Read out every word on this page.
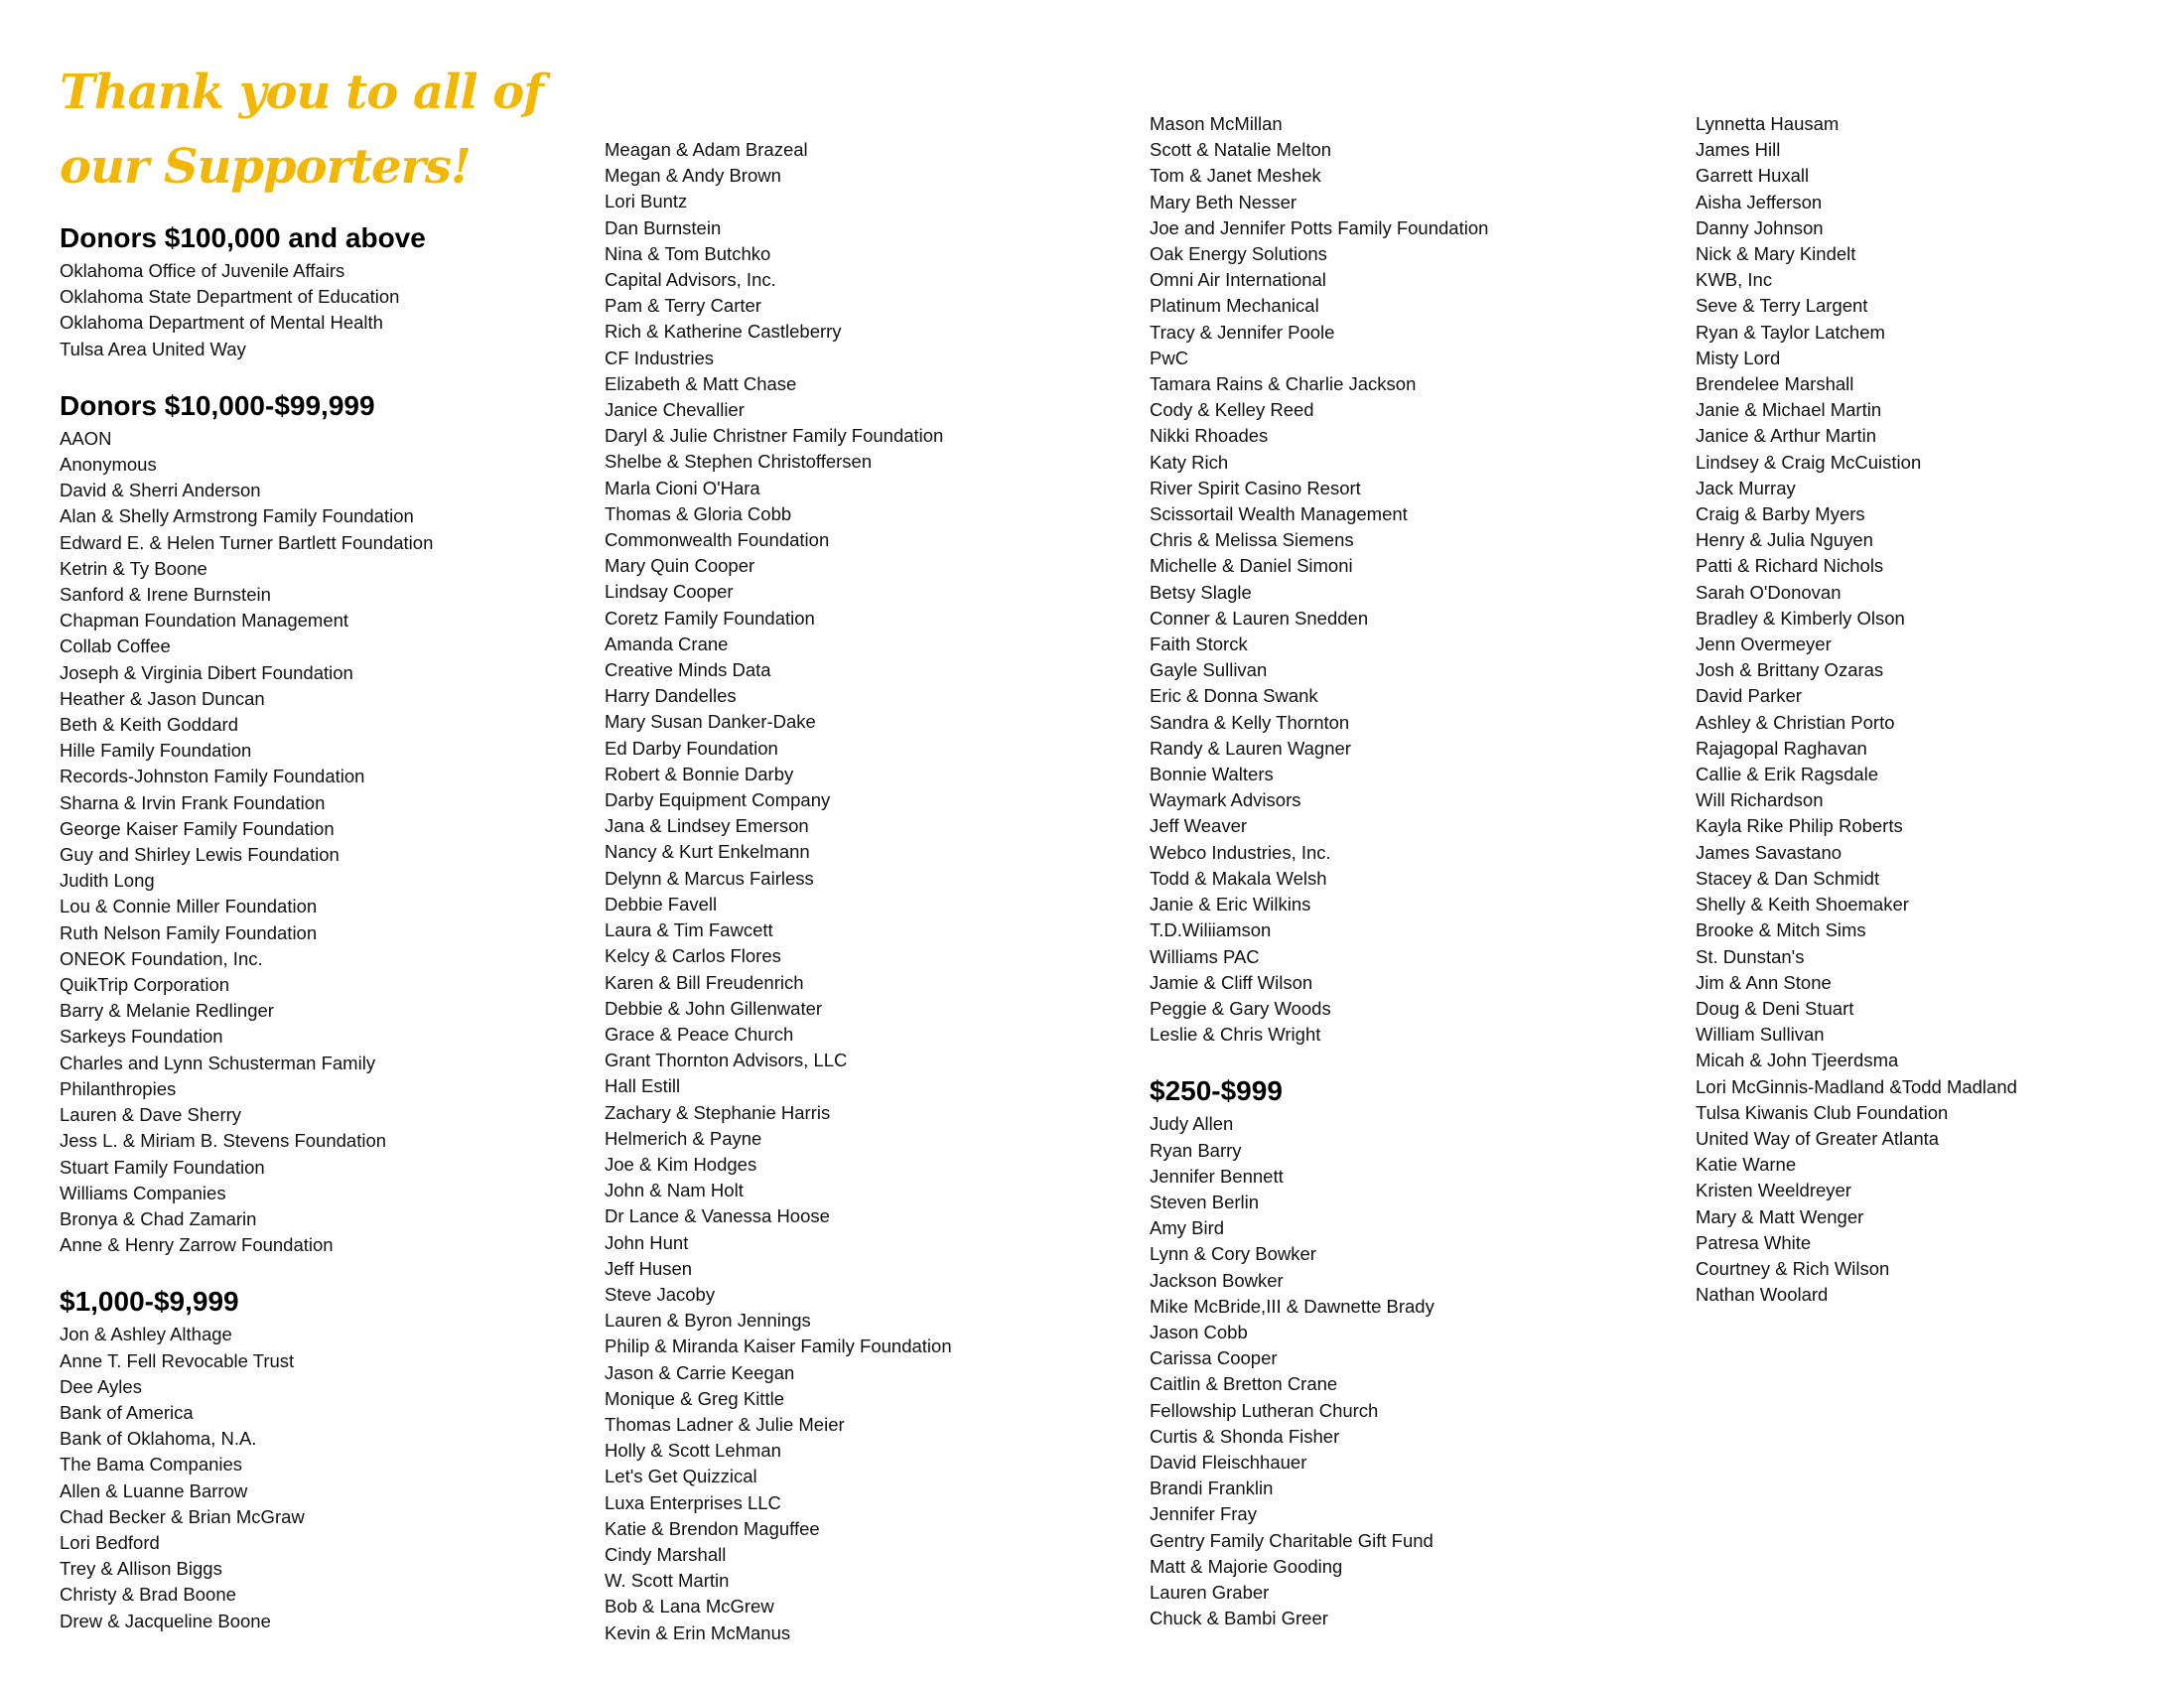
Thank you to all of
our Supporters!
Donors $100,000 and above
Oklahoma Office of Juvenile Affairs
Oklahoma State Department of Education
Oklahoma Department of Mental Health
Tulsa Area United Way
Donors $10,000-$99,999
AAON
Anonymous
David & Sherri Anderson
Alan & Shelly Armstrong Family Foundation
Edward E. & Helen Turner Bartlett Foundation
Ketrin & Ty Boone
Sanford & Irene Burnstein
Chapman Foundation Management
Collab Coffee
Joseph & Virginia Dibert Foundation
Heather & Jason Duncan
Beth & Keith Goddard
Hille Family Foundation
Records-Johnston Family Foundation
Sharna & Irvin Frank Foundation
George Kaiser Family Foundation
Guy and Shirley Lewis Foundation
Judith Long
Lou & Connie Miller Foundation
Ruth Nelson Family Foundation
ONEOK Foundation, Inc.
QuikTrip Corporation
Barry & Melanie Redlinger
Sarkeys Foundation
Charles and Lynn Schusterman Family
Philanthropies
Lauren & Dave Sherry
Jess L. & Miriam B. Stevens Foundation
Stuart Family Foundation
Williams Companies
Bronya & Chad Zamarin
Anne & Henry Zarrow Foundation
$1,000-$9,999
Jon & Ashley Althage
Anne T. Fell Revocable Trust
Dee Ayles
Bank of America
Bank of Oklahoma, N.A.
The Bama Companies
Allen & Luanne Barrow
Chad Becker & Brian McGraw
Lori Bedford
Trey & Allison Biggs
Christy & Brad Boone
Drew & Jacqueline Boone
Meagan & Adam Brazeal
Megan & Andy Brown
Lori Buntz
Dan Burnstein
Nina & Tom Butchko
Capital Advisors, Inc.
Pam & Terry Carter
Rich & Katherine Castleberry
CF Industries
Elizabeth & Matt Chase
Janice Chevallier
Daryl & Julie Christner Family Foundation
Shelbe & Stephen Christoffersen
Marla Cioni O'Hara
Thomas & Gloria Cobb
Commonwealth Foundation
Mary Quin Cooper
Lindsay Cooper
Coretz Family Foundation
Amanda Crane
Creative Minds Data
Harry Dandelles
Mary Susan Danker-Dake
Ed Darby Foundation
Robert & Bonnie Darby
Darby Equipment Company
Jana & Lindsey Emerson
Nancy & Kurt Enkelmann
Delynn & Marcus Fairless
Debbie Favell
Laura & Tim Fawcett
Kelcy & Carlos Flores
Karen & Bill Freudenrich
Debbie & John Gillenwater
Grace & Peace Church
Grant Thornton Advisors, LLC
Hall Estill
Zachary & Stephanie Harris
Helmerich & Payne
Joe & Kim Hodges
John & Nam Holt
Dr Lance & Vanessa Hoose
John Hunt
Jeff Husen
Steve Jacoby
Lauren & Byron Jennings
Philip & Miranda Kaiser Family Foundation
Jason & Carrie Keegan
Monique & Greg Kittle
Thomas Ladner & Julie Meier
Holly & Scott Lehman
Let's Get Quizzical
Luxa Enterprises LLC
Katie & Brendon Maguffee
Cindy Marshall
W. Scott Martin
Bob & Lana McGrew
Kevin & Erin McManus
Mason McMillan
Scott & Natalie Melton
Tom & Janet Meshek
Mary Beth Nesser
Joe and Jennifer Potts Family Foundation
Oak Energy Solutions
Omni Air International
Platinum Mechanical
Tracy & Jennifer Poole
PwC
Tamara Rains & Charlie Jackson
Cody & Kelley Reed
Nikki Rhoades
Katy Rich
River Spirit Casino Resort
Scissortail Wealth Management
Chris & Melissa Siemens
Michelle & Daniel Simoni
Betsy Slagle
Conner & Lauren Snedden
Faith Storck
Gayle Sullivan
Eric & Donna Swank
Sandra & Kelly Thornton
Randy & Lauren Wagner
Bonnie Walters
Waymark Advisors
Jeff Weaver
Webco Industries, Inc.
Todd & Makala Welsh
Janie & Eric Wilkins
T.D.Wiliiamson
Williams PAC
Jamie & Cliff Wilson
Peggie & Gary Woods
Leslie & Chris Wright
$250-$999
Judy Allen
Ryan Barry
Jennifer Bennett
Steven Berlin
Amy Bird
Lynn & Cory Bowker
Jackson Bowker
Mike McBride,III & Dawnette Brady
Jason Cobb
Carissa Cooper
Caitlin & Bretton Crane
Fellowship Lutheran Church
Curtis & Shonda Fisher
David Fleischhauer
Brandi Franklin
Jennifer Fray
Gentry Family Charitable Gift Fund
Matt & Majorie Gooding
Lauren Graber
Chuck & Bambi Greer
Lynnetta Hausam
James Hill
Garrett Huxall
Aisha Jefferson
Danny Johnson
Nick & Mary Kindelt
KWB, Inc
Seve & Terry Largent
Ryan & Taylor Latchem
Misty Lord
Brendelee Marshall
Janie & Michael Martin
Janice & Arthur Martin
Lindsey & Craig McCuistion
Jack Murray
Craig & Barby Myers
Henry & Julia Nguyen
Patti & Richard Nichols
Sarah O'Donovan
Bradley & Kimberly Olson
Jenn Overmeyer
Josh & Brittany Ozaras
David Parker
Ashley & Christian Porto
Rajagopal Raghavan
Callie & Erik Ragsdale
Will Richardson
Kayla Rike Philip Roberts
James Savastano
Stacey & Dan Schmidt
Shelly & Keith Shoemaker
Brooke & Mitch Sims
St. Dunstan's
Jim & Ann Stone
Doug & Deni Stuart
William Sullivan
Micah & John Tjeerdsma
Lori McGinnis-Madland &Todd Madland
Tulsa Kiwanis Club Foundation
United Way of Greater Atlanta
Katie Warne
Kristen Weeldreyer
Mary & Matt Wenger
Patresa White
Courtney & Rich Wilson
Nathan Woolard
